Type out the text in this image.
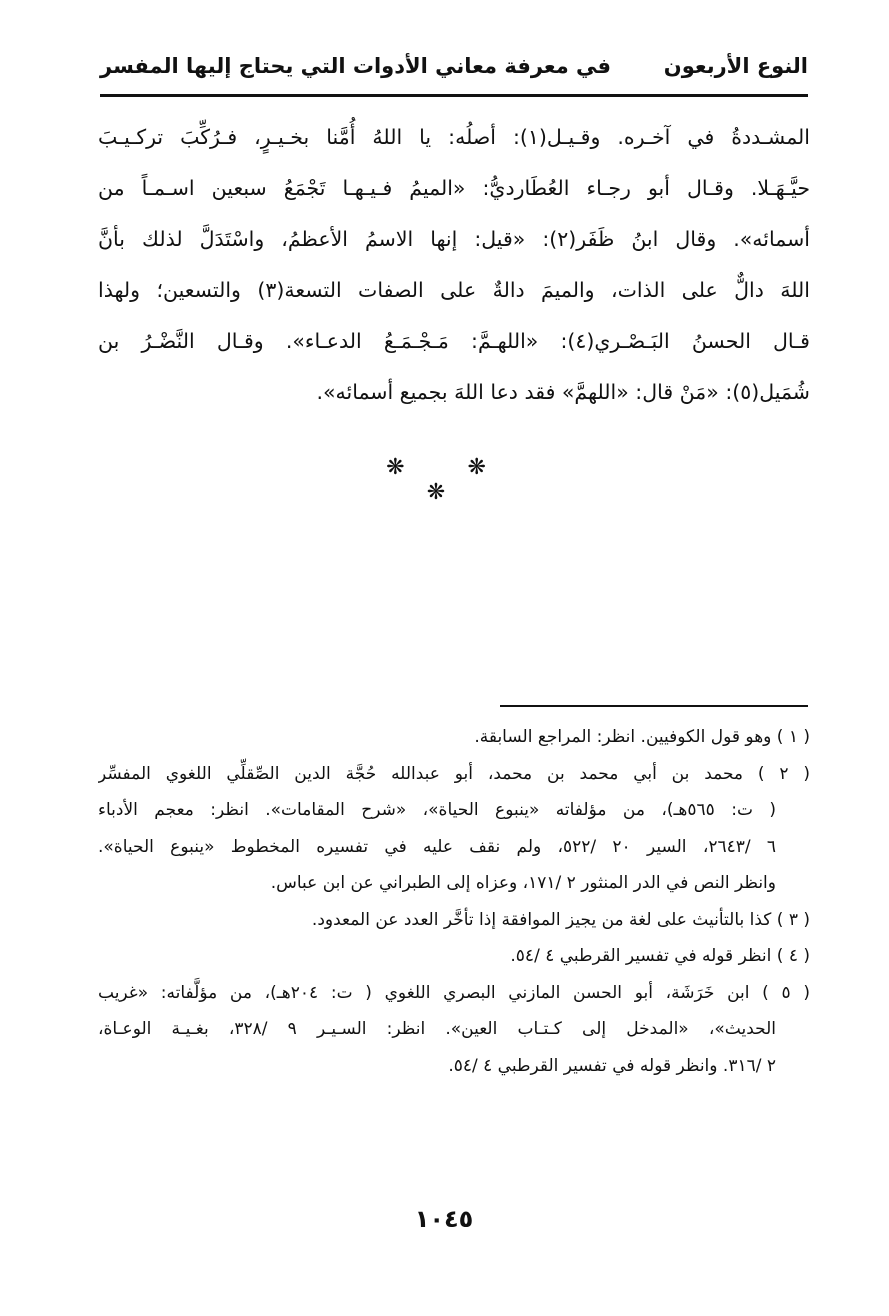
النوع الأربعون
في معرفة معاني الأدوات التي يحتاج إليها المفسر
المشـددةُ في آخـره. وقـيـل(١): أصلُه: يا اللهُ أُمَّنا بخـيـرٍ، فـرُكِّبَ تركـيـبَ
حيَّـهَـلا. وقـال أبو رجـاء العُطَارديُّ: «الميمُ فـيـهـا تَجْمَعُ سبعين اسـمـاً من
أسمائه». وقال ابنُ ظَفَر(٢): «قيل: إنها الاسمُ الأعظمُ، واسْتَدَلَّ لذلك بأنَّ
اللهَ دالٌّ على الذات، والميمَ دالةٌ على الصفات التسعة(٣) والتسعين؛ ولهذا
قـال الحسنُ البَـصْـري(٤): «اللهـمَّ: مَـجْـمَـعُ الدعـاء». وقـال النَّضْـرُ بن
شُمَيل(٥): «مَنْ قال: «اللهمَّ» فقد دعا اللهَ بجميع أسمائه».
❋ ❋ ❋
( ١ ) وهو قول الكوفيين. انظر: المراجع السابقة.
( ٢ ) محمد بن أبي محمد بن محمد، أبو عبدالله حُجَّة الدين الصِّقلِّي اللغوي المفسِّر
( ت: ٥٦٥هـ)، من مؤلفاته «ينبوع الحياة»، «شرح المقامات». انظر: معجم الأدباء
٦ /٢٦٤٣، السير ٢٠ /٥٢٢، ولم نقف عليه في تفسيره المخطوط «ينبوع الحياة».
وانظر النص في الدر المنثور ٢ /١٧١، وعزاه إلى الطبراني عن ابن عباس.
( ٣ ) كذا بالتأنيث على لغة من يجيز الموافقة إذا تأخَّر العدد عن المعدود.
( ٤ ) انظر قوله في تفسير القرطبي ٤ /٥٤.
( ٥ ) ابن خَرَشَة، أبو الحسن المازني البصري اللغوي ( ت: ٢٠٤هـ)، من مؤلَّفاته: «غريب
الحديث»، «المدخل إلى كـتـاب العين». انظر: السـيـر ٩ /٣٢٨، بغـيـة الوعـاة،
٢ /٣١٦. وانظر قوله في تفسير القرطبي ٤ /٥٤.
١٠٤٥
